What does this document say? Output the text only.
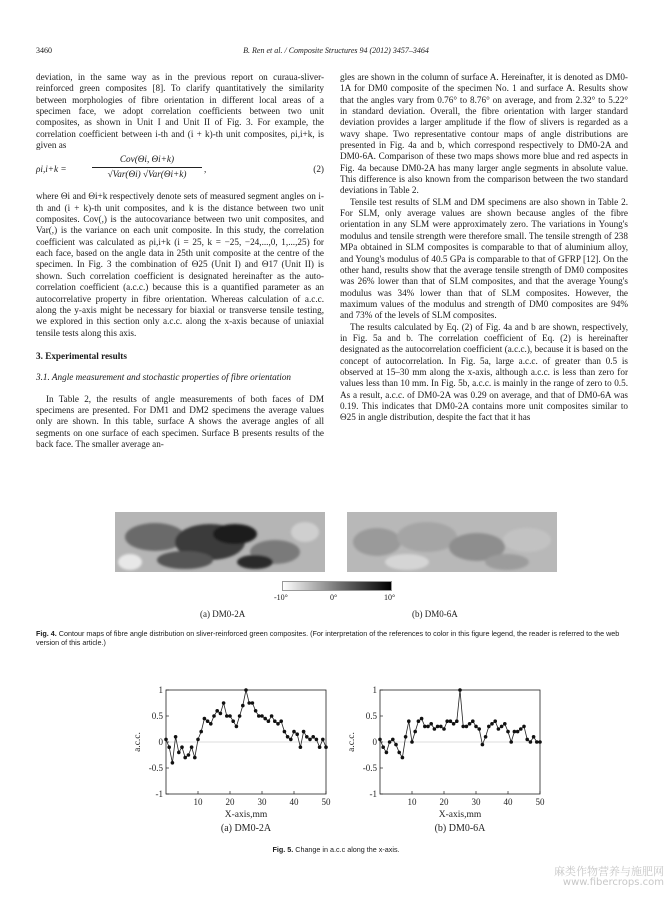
3460	B. Ren et al. / Composite Structures 94 (2012) 3457–3464

deviation, in the same way as in the previous report on curaua-sliver-reinforced green composites [8]. To clarify quantitatively the similarity between morphologies of fibre orientation in different local areas of a specimen face, we adopt correlation coefficients between two unit composites, as shown in Unit I and Unit II of Fig. 3. For example, the correlation coefficient between i-th and (i + k)-th unit composites, ρi,i+k, is given as

ρi,i+k =
Cov(Θi, Θi+k)
√Var(Θi) √Var(Θi+k)	,	(2)

where Θi and Θi+k respectively denote sets of measured segment angles on i-th and (i + k)-th unit composites, and k is the distance between two unit composites. Cov(,) is the autocovariance between two unit composites, and Var(,) is the variance on each unit composite. In this study, the correlation coefficient was calculated as ρi,i+k (i = 25, k = −25, −24,...,0, 1,...,25) for each face, based on the angle data in 25th unit composite at the centre of the specimen. In Fig. 3 the combination of Θ25 (Unit I) and Θ17 (Unit II) is shown. Such correlation coefficient is designated hereinafter as the auto-correlation coefficient (a.c.c.) because this is a quantified parameter as an autocorrelative property in fibre orientation. Whereas calculation of a.c.c. along the y-axis might be necessary for biaxial or transverse tensile testing, we explored in this section only a.c.c. along the x-axis because of uniaxial tensile tests along this axis.

3. Experimental results

3.1. Angle measurement and stochastic properties of fibre orientation

In Table 2, the results of angle measurements of both faces of DM specimens are presented. For DM1 and DM2 specimens the average values only are shown. In this table, surface A shows the average angles of all segments on one surface of each specimen. Surface B presents results of the back face. The smaller average an-

gles are shown in the column of surface A. Hereinafter, it is denoted as DM0-1A for DM0 composite of the specimen No. 1 and surface A. Results show that the angles vary from 0.76° to 8.76° on average, and from 2.32° to 5.22° in standard deviation. Overall, the fibre orientation with larger standard deviation provides a larger amplitude if the flow of slivers is regarded as a wavy shape. Two representative contour maps of angle distributions are presented in Fig. 4a and b, which correspond respectively to DM0-2A and DM0-6A. Comparison of these two maps shows more blue and red aspects in Fig. 4a because DM0-2A has many larger angle segments in absolute value. This difference is also known from the comparison between the two standard deviations in Table 2.

Tensile test results of SLM and DM specimens are also shown in Table 2. For SLM, only average values are shown because angles of the fibre orientation in any SLM were approximately zero. The variations in Young's modulus and tensile strength were therefore small. The tensile strength of 238 MPa obtained in SLM composites is comparable to that of aluminium alloy, and Young's modulus of 40.5 GPa is comparable to that of GFRP [12]. On the other hand, results show that the average tensile strength of DM0 composites was 26% lower than that of SLM composites, and that the average Young's modulus was 34% lower than that of SLM composites. However, the maximum values of the modulus and strength of DM0 composites are 94% and 73% of the levels of SLM composites.

The results calculated by Eq. (2) of Fig. 4a and b are shown, respectively, in Fig. 5a and b. The correlation coefficient of Eq. (2) is hereinafter designated as the autocorrelation coefficient (a.c.c.), because it is based on the concept of autocorrelation. In Fig. 5a, large a.c.c. of greater than 0.5 is observed at 15–30 mm along the x-axis, although a.c.c. is less than zero for values less than 10 mm. In Fig. 5b, a.c.c. is mainly in the range of zero to 0.5. As a result, a.c.c. of DM0-2A was 0.29 on average, and that of DM0-6A was 0.19. This indicates that DM0-2A contains more unit composites similar to Θ25 in angle distribution, despite the fact that it has

-10°	0°	10°
(a) DM0-2A	(b) DM0-6A
Fig. 4. Contour maps of fibre angle distribution on sliver-reinforced green composites. (For interpretation of the references to color in this figure legend, the reader is referred to the web version of this article.)
-1
-0.5
0
0.5
1
10	20	30	40	50
X-axis,mm
a.c.c.
(a) DM0-2A
-1
-0.5
0
0.5
1
10	20	30	40	50
X-axis,mm
a.c.c.
(b) DM0-6A
Fig. 5. Change in a.c.c along the x-axis.
麻类作物营养与施肥网
www.fibercrops.com
